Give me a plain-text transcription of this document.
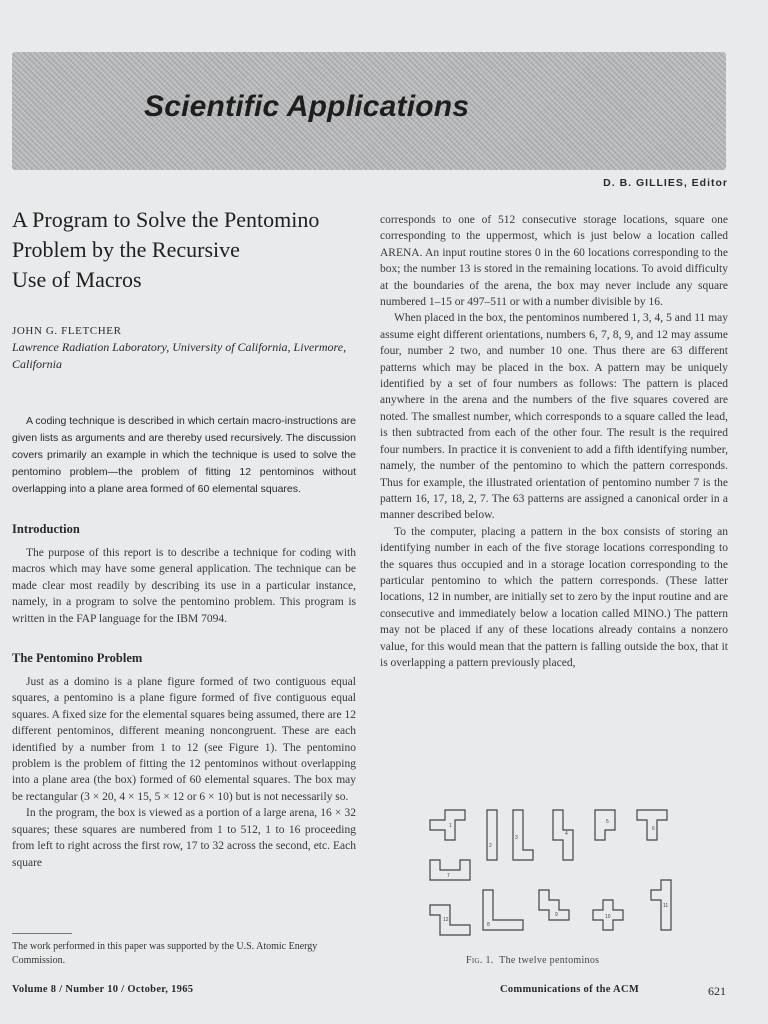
Scientific Applications
D. B. GILLIES, Editor
A Program to Solve the Pentomino
Problem by the Recursive
Use of Macros
JOHN G. FLETCHER
Lawrence Radiation Laboratory, University of California, Livermore, California
A coding technique is described in which certain macro-instructions are given lists as arguments and are thereby used recursively. The discussion covers primarily an example in which the technique is used to solve the pentomino problem—the problem of fitting 12 pentominos without overlapping into a plane area formed of 60 elemental squares.
Introduction

The purpose of this report is to describe a technique for coding with macros which may have some general application. The technique can be made clear most readily by describing its use in a particular instance, namely, in a program to solve the pentomino problem. This program is written in the FAP language for the IBM 7094.

The Pentomino Problem

Just as a domino is a plane figure formed of two contiguous equal squares, a pentomino is a plane figure formed of five contiguous equal squares. A fixed size for the elemental squares being assumed, there are 12 different pentominos, different meaning noncongruent. These are each identified by a number from 1 to 12 (see Figure 1). The pentomino problem is the problem of fitting the 12 pentominos without overlapping into a plane area (the box) formed of 60 elemental squares. The box may be rectangular (3 × 20, 4 × 15, 5 × 12 or 6 × 10) but is not necessarily so.

In the program, the box is viewed as a portion of a large arena, 16 × 32 squares; these squares are numbered from 1 to 512, 1 to 16 proceeding from left to right across the first row, 17 to 32 across the second, etc. Each square

corresponds to one of 512 consecutive storage locations, square one corresponding to the uppermost, which is just below a location called ARENA. An input routine stores 0 in the 60 locations corresponding to the box; the number 13 is stored in the remaining locations. To avoid difficulty at the boundaries of the arena, the box may never include any square numbered 1–15 or 497–511 or with a number divisible by 16.

When placed in the box, the pentominos numbered 1, 3, 4, 5 and 11 may assume eight different orientations, numbers 6, 7, 8, 9, and 12 may assume four, number 2 two, and number 10 one. Thus there are 63 different patterns which may be placed in the box. A pattern may be uniquely identified by a set of four numbers as follows: The pattern is placed anywhere in the arena and the numbers of the five squares covered are noted. The smallest number, which corresponds to a square called the lead, is then subtracted from each of the other four. The result is the required four numbers. In practice it is convenient to add a fifth identifying number, namely, the number of the pentomino to which the pattern corresponds. Thus for example, the illustrated orientation of pentomino number 7 is the pattern 16, 17, 18, 2, 7. The 63 patterns are assigned a canonical order in a manner described below.

To the computer, placing a pattern in the box consists of storing an identifying number in each of the five storage locations corresponding to the squares thus occupied and in a storage location corresponding to the particular pentomino to which the pattern corresponds. (These latter locations, 12 in number, are initially set to zero by the input routine and are consecutive and immediately below a location called MINO.) The pattern may not be placed if any of these locations already contains a nonzero value, for this would mean that the pattern is falling outside the box, that it is overlapping a pattern previously placed,

1
2
3
4
5
6
7
12
8
9	10
11
Fig. 1. The twelve pentominos
The work performed in this paper was supported by the U.S. Atomic Energy Commission.
Volume 8 / Number 10 / October, 1965	Communications of the ACM	621
